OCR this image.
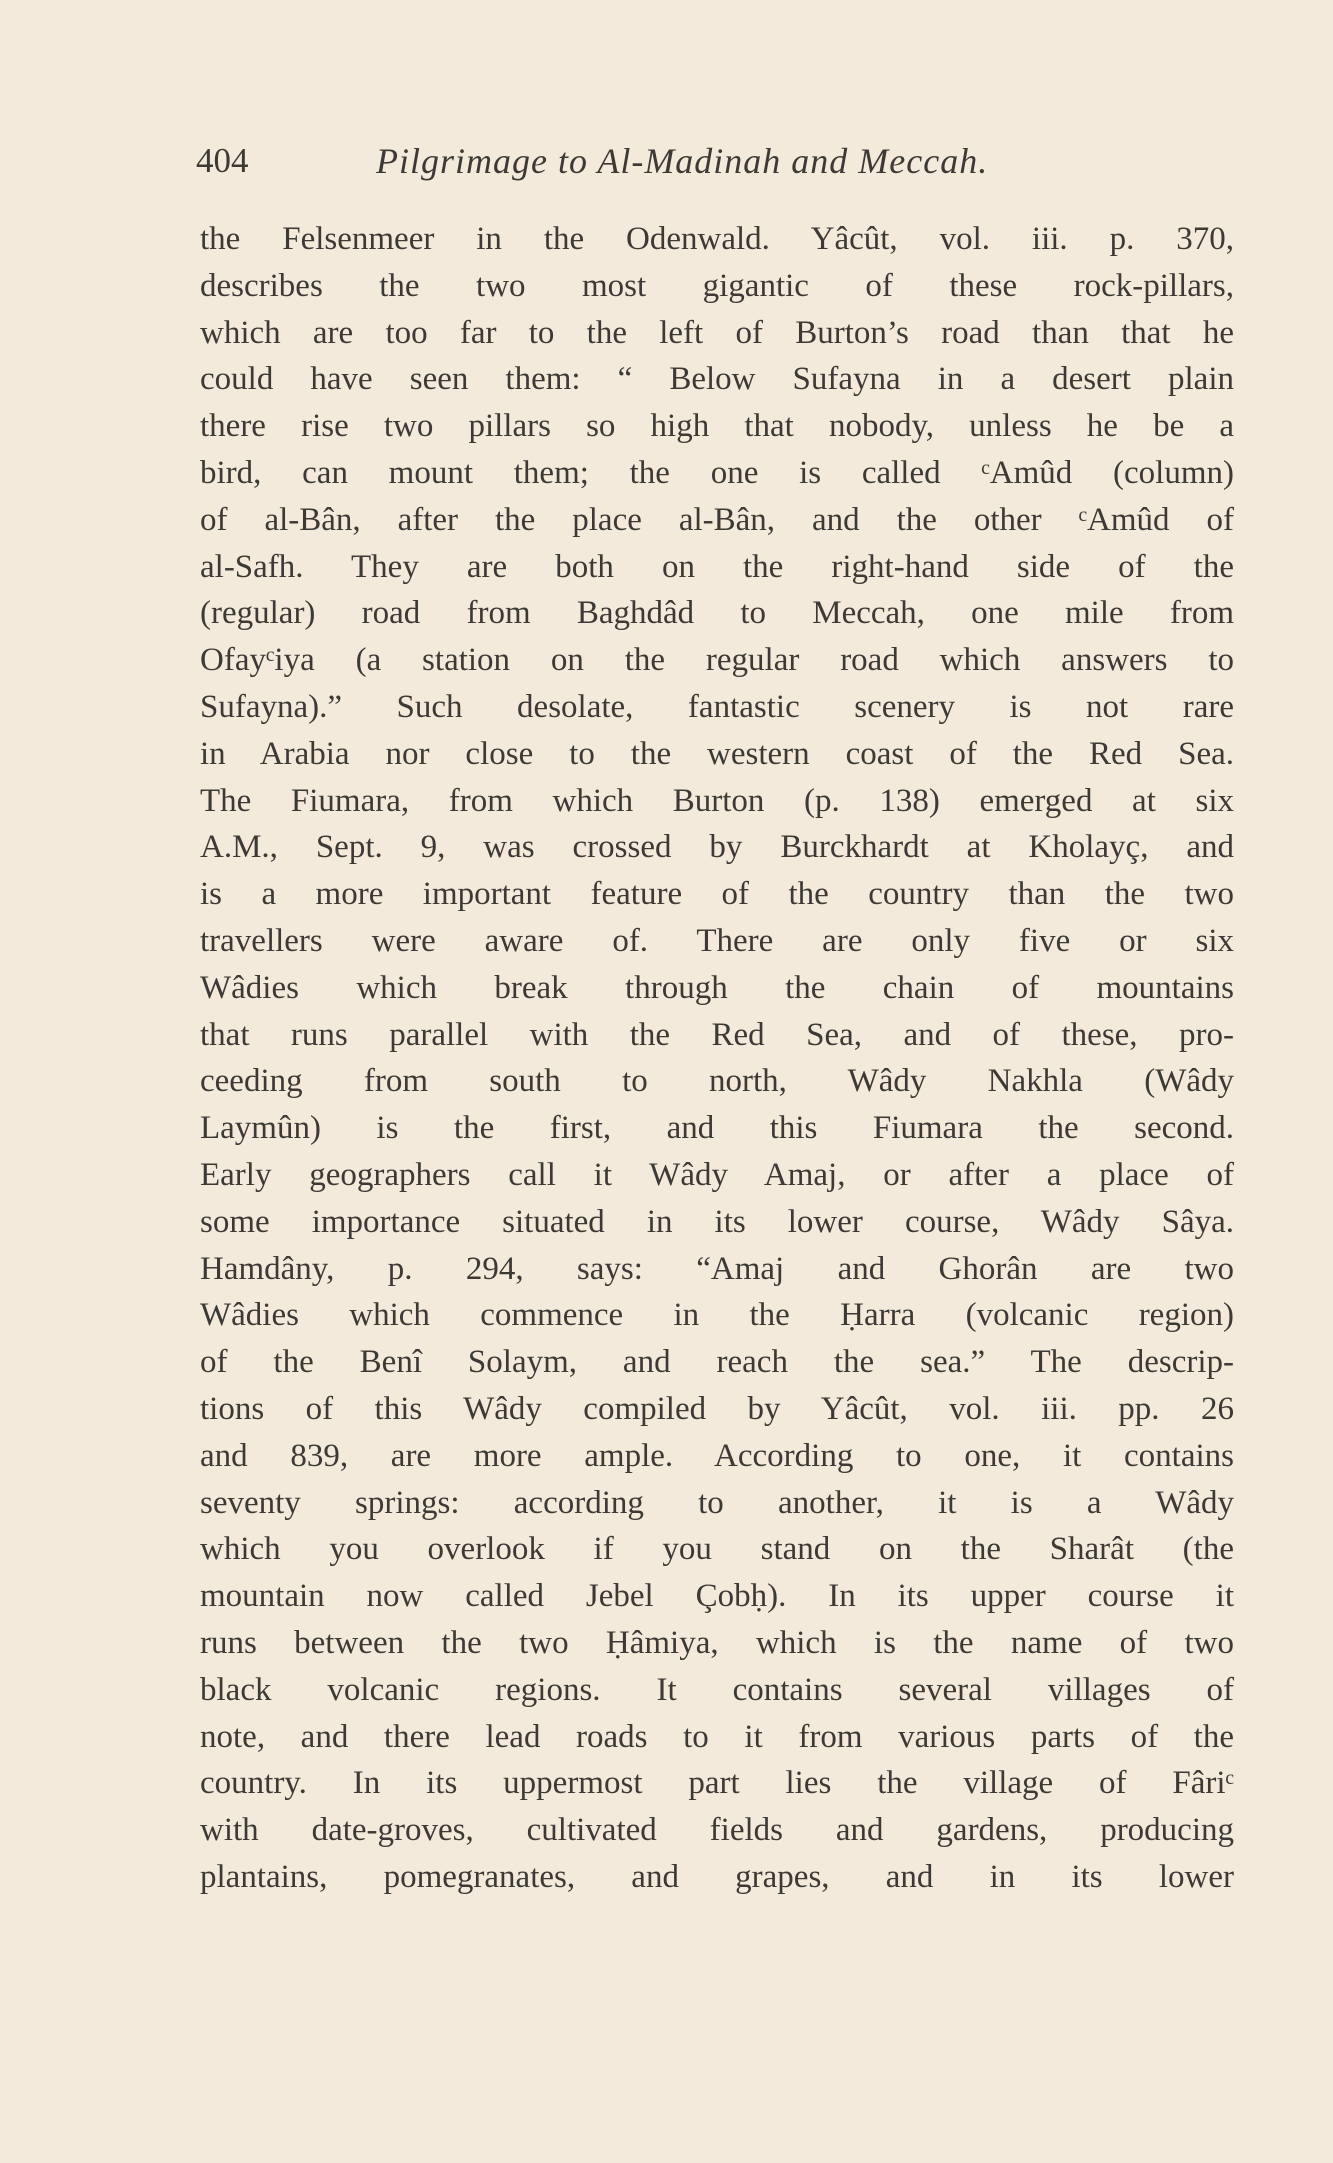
404	Pilgrimage to Al-Madinah and Meccah.
the Felsenmeer in the Odenwald. Yâcût, vol. iii. p. 370,
describes the two most gigantic of these rock-pillars,
which are too far to the left of Burton’s road than that he
could have seen them: “ Below Sufayna in a desert plain
there rise two pillars so high that nobody, unless he be a
bird, can mount them; the one is called ᶜAmûd (column)
of al-Bân, after the place al-Bân, and the other ᶜAmûd of
al-Safh. They are both on the right-hand side of the
(regular) road from Baghdâd to Meccah, one mile from
Ofayᶜiya (a station on the regular road which answers to
Sufayna).” Such desolate, fantastic scenery is not rare
in Arabia nor close to the western coast of the Red Sea.
The Fiumara, from which Burton (p. 138) emerged at six
A.M., Sept. 9, was crossed by Burckhardt at Kholayç, and
is a more important feature of the country than the two
travellers were aware of. There are only five or six
Wâdies which break through the chain of mountains
that runs parallel with the Red Sea, and of these, pro-
ceeding from south to north, Wâdy Nakhla (Wâdy
Laymûn) is the first, and this Fiumara the second.
Early geographers call it Wâdy Amaj, or after a place of
some importance situated in its lower course, Wâdy Sâya.
Hamdâny, p. 294, says: “Amaj and Ghorân are two
Wâdies which commence in the Ḥarra (volcanic region)
of the Benî Solaym, and reach the sea.” The descrip-
tions of this Wâdy compiled by Yâcût, vol. iii. pp. 26
and 839, are more ample. According to one, it contains
seventy springs: according to another, it is a Wâdy
which you overlook if you stand on the Sharât (the
mountain now called Jebel Çobḥ). In its upper course it
runs between the two Ḥâmiya, which is the name of two
black volcanic regions. It contains several villages of
note, and there lead roads to it from various parts of the
country. In its uppermost part lies the village of Fâriᶜ
with date-groves, cultivated fields and gardens, producing
plantains, pomegranates, and grapes, and in its lower
